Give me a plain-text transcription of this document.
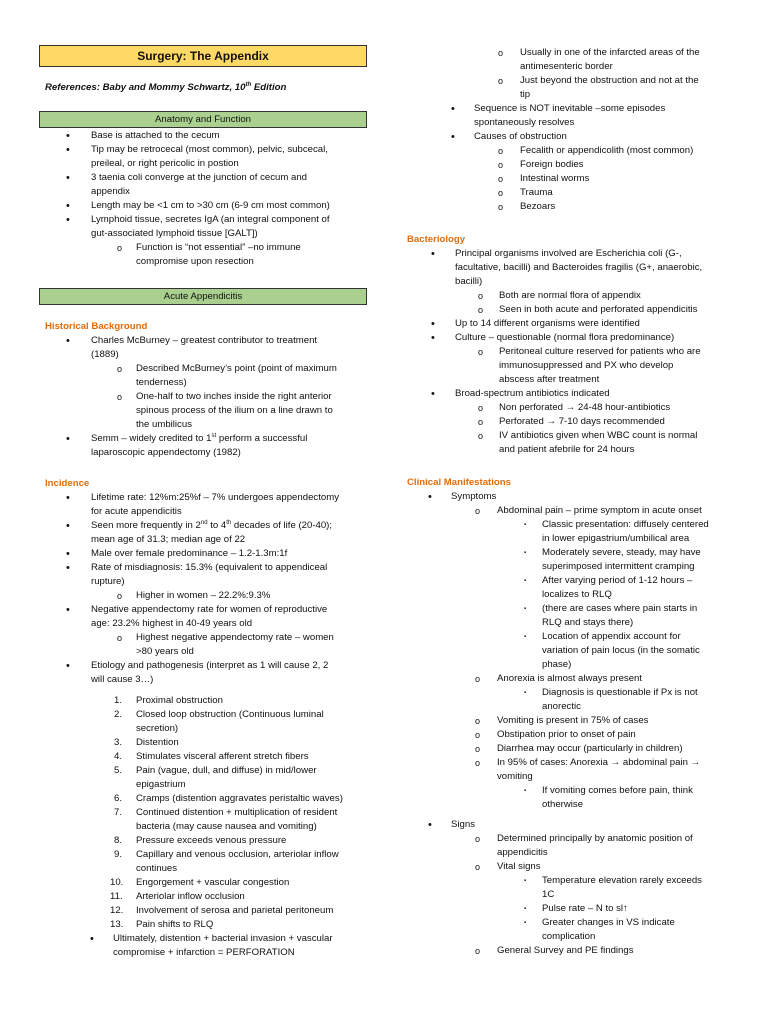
Surgery: The Appendix
References: Baby and Mommy Schwartz, 10th Edition
Anatomy and Function
• Base is attached to the cecum
• Tip may be retrocecal (most common), pelvic, subcecal,
preileal, or right pericolic in postion
• 3 taenia coli converge at the junction of cecum and
appendix
• Length may be <1 cm to >30 cm (6-9 cm most common)
• Lymphoid tissue, secretes IgA (an integral component of
gut-associated lymphoid tissue [GALT])
o Function is “not essential” –no immune
compromise upon resection
Acute Appendicitis
Historical Background
• Charles McBurney – greatest contributor to treatment
(1889)
o Described McBurney’s point (point of maximum
tenderness)
o One-half to two inches inside the right anterior
spinous process of the ilium on a line drawn to
the umbilicus
• Semm – widely credited to 1st perform a successful
laparoscopic appendectomy (1982)
Incidence
• Lifetime rate: 12%m:25%f – 7% undergoes appendectomy
for acute appendicitis
• Seen more frequently in 2nd to 4th decades of life (20-40);
mean age of 31.3; median age of 22
• Male over female predominance – 1.2-1.3m:1f
• Rate of misdiagnosis: 15.3% (equivalent to appendiceal
rupture)
o Higher in women – 22.2%:9.3%
• Negative appendectomy rate for women of reproductive
age: 23.2% highest in 40-49 years old
o Highest negative appendectomy rate – women
>80 years old
• Etiology and pathogenesis (interpret as 1 will cause 2, 2
will cause 3…)
1. Proximal obstruction
2. Closed loop obstruction (Continuous luminal
secretion)
3. Distention
4. Stimulates visceral afferent stretch fibers
5. Pain (vague, dull, and diffuse) in mid/lower
epigastrium
6. Cramps (distention aggravates peristaltic waves)
7. Continued distention + multiplication of resident
bacteria (may cause nausea and vomiting)
8. Pressure exceeds venous pressure
9. Capillary and venous occlusion, arteriolar inflow
continues
10. Engorgement + vascular congestion
11. Arteriolar inflow occlusion
12. Involvement of serosa and parietal peritoneum
13. Pain shifts to RLQ
• Ultimately, distention + bacterial invasion + vascular
compromise + infarction = PERFORATION
o Usually in one of the infarcted areas of the
antimesenteric border
o Just beyond the obstruction and not at the
tip
• Sequence is NOT inevitable –some episodes
spontaneously resolves
• Causes of obstruction
o Fecalith or appendicolith (most common)
o Foreign bodies
o Intestinal worms
o Trauma
o Bezoars
Bacteriology
• Principal organisms involved are Escherichia coli (G-,
facultative, bacilli) and Bacteroides fragilis (G+, anaerobic,
bacilli)
o Both are normal flora of appendix
o Seen in both acute and perforated appendicitis
• Up to 14 different organisms were identified
• Culture – questionable (normal flora predominance)
o Peritoneal culture reserved for patients who are
immunosuppressed and PX who develop
abscess after treatment
• Broad-spectrum antibiotics indicated
o Non perforated → 24-48 hour-antibiotics
o Perforated → 7-10 days recommended
o IV antibiotics given when WBC count is normal
and patient afebrile for 24 hours
Clinical Manifestations
• Symptoms
o Abdominal pain – prime symptom in acute onset
▪ Classic presentation: diffusely centered
in lower epigastrium/umbilical area
▪ Moderately severe, steady, may have
superimposed intermittent cramping
▪ After varying period of 1-12 hours –
localizes to RLQ
▪ (there are cases where pain starts in
RLQ and stays there)
▪ Location of appendix account for
variation of pain locus (in the somatic
phase)
o Anorexia is almost always present
▪ Diagnosis is questionable if Px is not
anorectic
o Vomiting is present in 75% of cases
o Obstipation prior to onset of pain
o Diarrhea may occur (particularly in children)
o In 95% of cases: Anorexia → abdominal pain →
vomiting
▪ If vomiting comes before pain, think
otherwise
• Signs
o Determined principally by anatomic position of
appendicitis
o Vital signs
▪ Temperature elevation rarely exceeds
1C
▪ Pulse rate – N to sl↑
▪ Greater changes in VS indicate
complication
o General Survey and PE findings
